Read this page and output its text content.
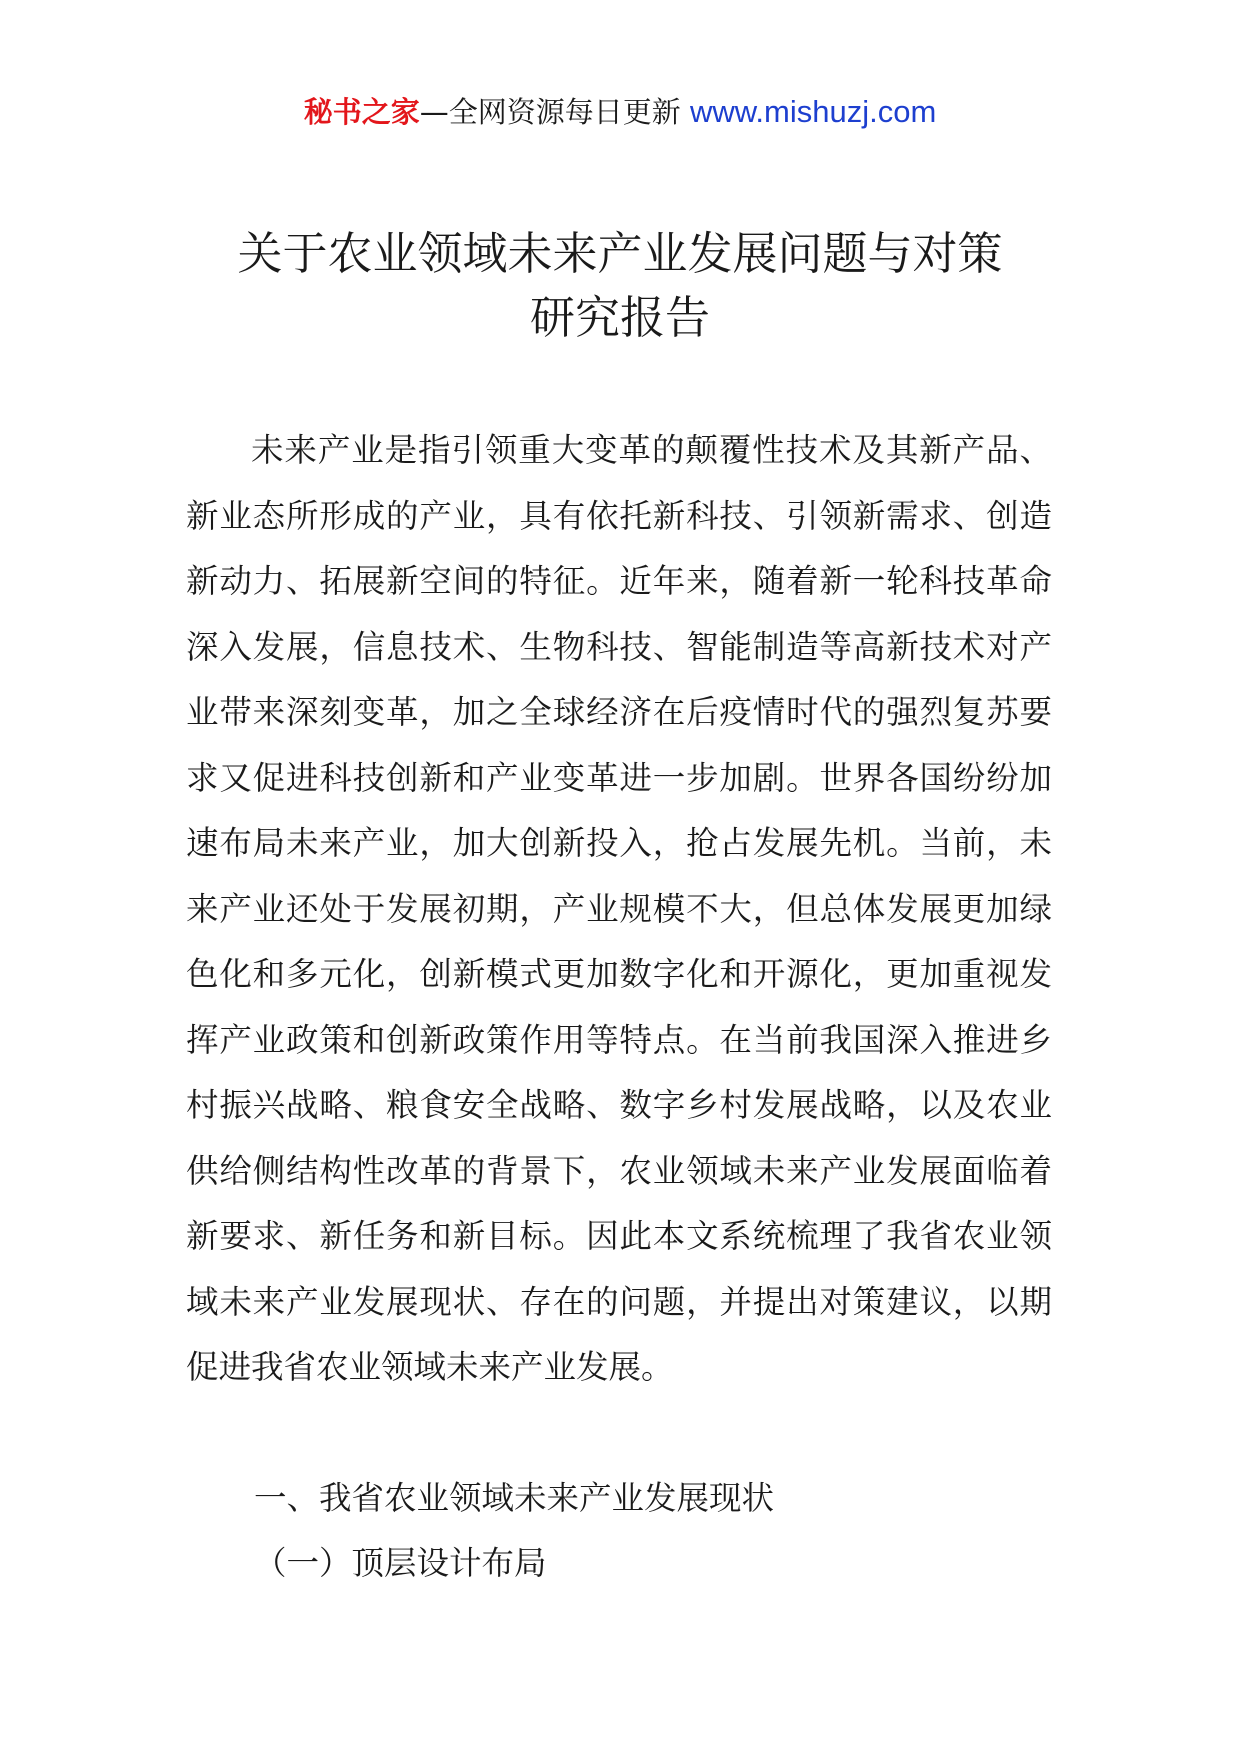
秘书之家—全网资源每日更新 www.mishuzj.com
关于农业领域未来产业发展问题与对策
研究报告

未来产业是指引领重大变革的颠覆性技术及其新产品、新业态所形成的产业，具有依托新科技、引领新需求、创造新动力、拓展新空间的特征。近年来，随着新一轮科技革命深入发展，信息技术、生物科技、智能制造等高新技术对产业带来深刻变革，加之全球经济在后疫情时代的强烈复苏要求又促进科技创新和产业变革进一步加剧。世界各国纷纷加速布局未来产业，加大创新投入，抢占发展先机。当前，未来产业还处于发展初期，产业规模不大，但总体发展更加绿色化和多元化，创新模式更加数字化和开源化，更加重视发挥产业政策和创新政策作用等特点。在当前我国深入推进乡村振兴战略、粮食安全战略、数字乡村发展战略，以及农业供给侧结构性改革的背景下，农业领域未来产业发展面临着新要求、新任务和新目标。因此本文系统梳理了我省农业领域未来产业发展现状、存在的问题，并提出对策建议，以期促进我省农业领域未来产业发展。

一、我省农业领域未来产业发展现状
（一）顶层设计布局
